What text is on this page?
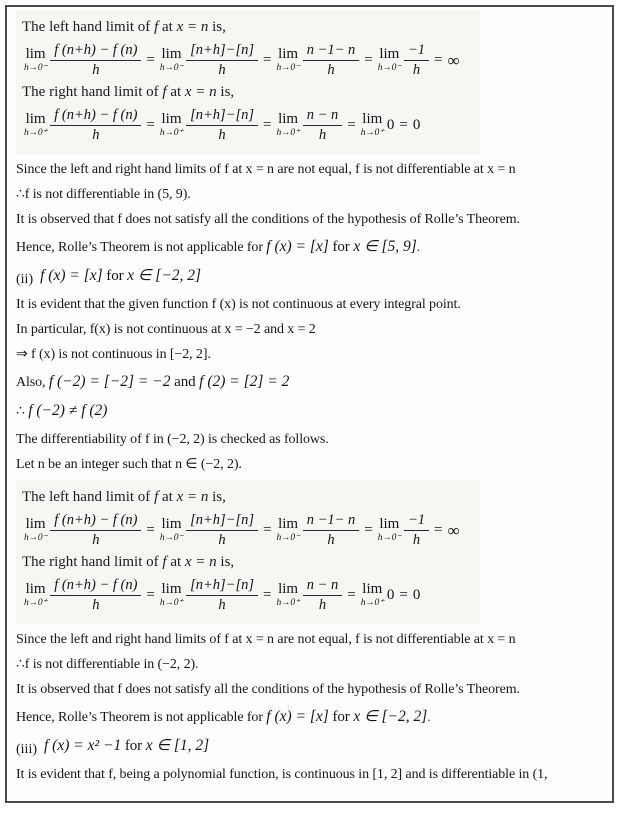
The left hand limit of f at x = n is,

lim
$h\to 0^- \frac{f (n+h) - f (n)}{h} = \lim$
$h\to 0^- \frac{[n+h]-[n]}{h} = \lim$
$h\to 0^- \frac{n -1- n}{h} = \lim$
$h\to 0^- \frac{-1}{h}$ = ∞

The right hand limit of f at x = n is,

lim
$h\to 0^+ \frac{f (n+h) - f (n)}{h} = \lim$
$h\to 0^+ \frac{[n+h]-[n]}{h} = \lim$
$h\to 0^+ \frac{n - n}{h} = \lim$
h→0⁺
0 = 0

Since the left and right hand limits of f at x = n are not equal, f is not differentiable at x = n

∴f is not differentiable in (5, 9).

It is observed that f does not satisfy all the conditions of the hypothesis of Rolle’s Theorem.

Hence, Rolle’s Theorem is not applicable for f (x) = [x] for x ∈ [5, 9].

(ii) f (x) = [x] for x ∈ [−2, 2]

It is evident that the given function f (x) is not continuous at every integral point.

In particular, f(x) is not continuous at x = −2 and x = 2

⇒ f (x) is not continuous in [−2, 2].

Also, f (−2) = [−2] = −2 and f (2) = [2] = 2

∴ f (−2) ≠ f (2)

The differentiability of f in (−2, 2) is checked as follows.

Let n be an integer such that n ∈ (−2, 2).

The left hand limit of f at x = n is,

lim
$h\to 0^- \frac{f (n+h) - f (n)}{h} = \lim$
$h\to 0^- \frac{[n+h]-[n]}{h} = \lim$
$h\to 0^- \frac{n -1- n}{h} = \lim$
$h\to 0^- \frac{-1}{h}$ = ∞

The right hand limit of f at x = n is,

lim
$h\to 0^+ \frac{f (n+h) - f (n)}{h} = \lim$
$h\to 0^+ \frac{[n+h]-[n]}{h} = \lim$
$h\to 0^+ \frac{n - n}{h} = \lim$
h→0⁺
0 = 0

Since the left and right hand limits of f at x = n are not equal, f is not differentiable at x = n

∴f is not differentiable in (−2, 2).

It is observed that f does not satisfy all the conditions of the hypothesis of Rolle’s Theorem.

Hence, Rolle’s Theorem is not applicable for f (x) = [x] for x ∈ [−2, 2].

(iii) f (x) = x² −1 for x ∈ [1, 2]

It is evident that f, being a polynomial function, is continuous in [1, 2] and is differentiable in (1,
